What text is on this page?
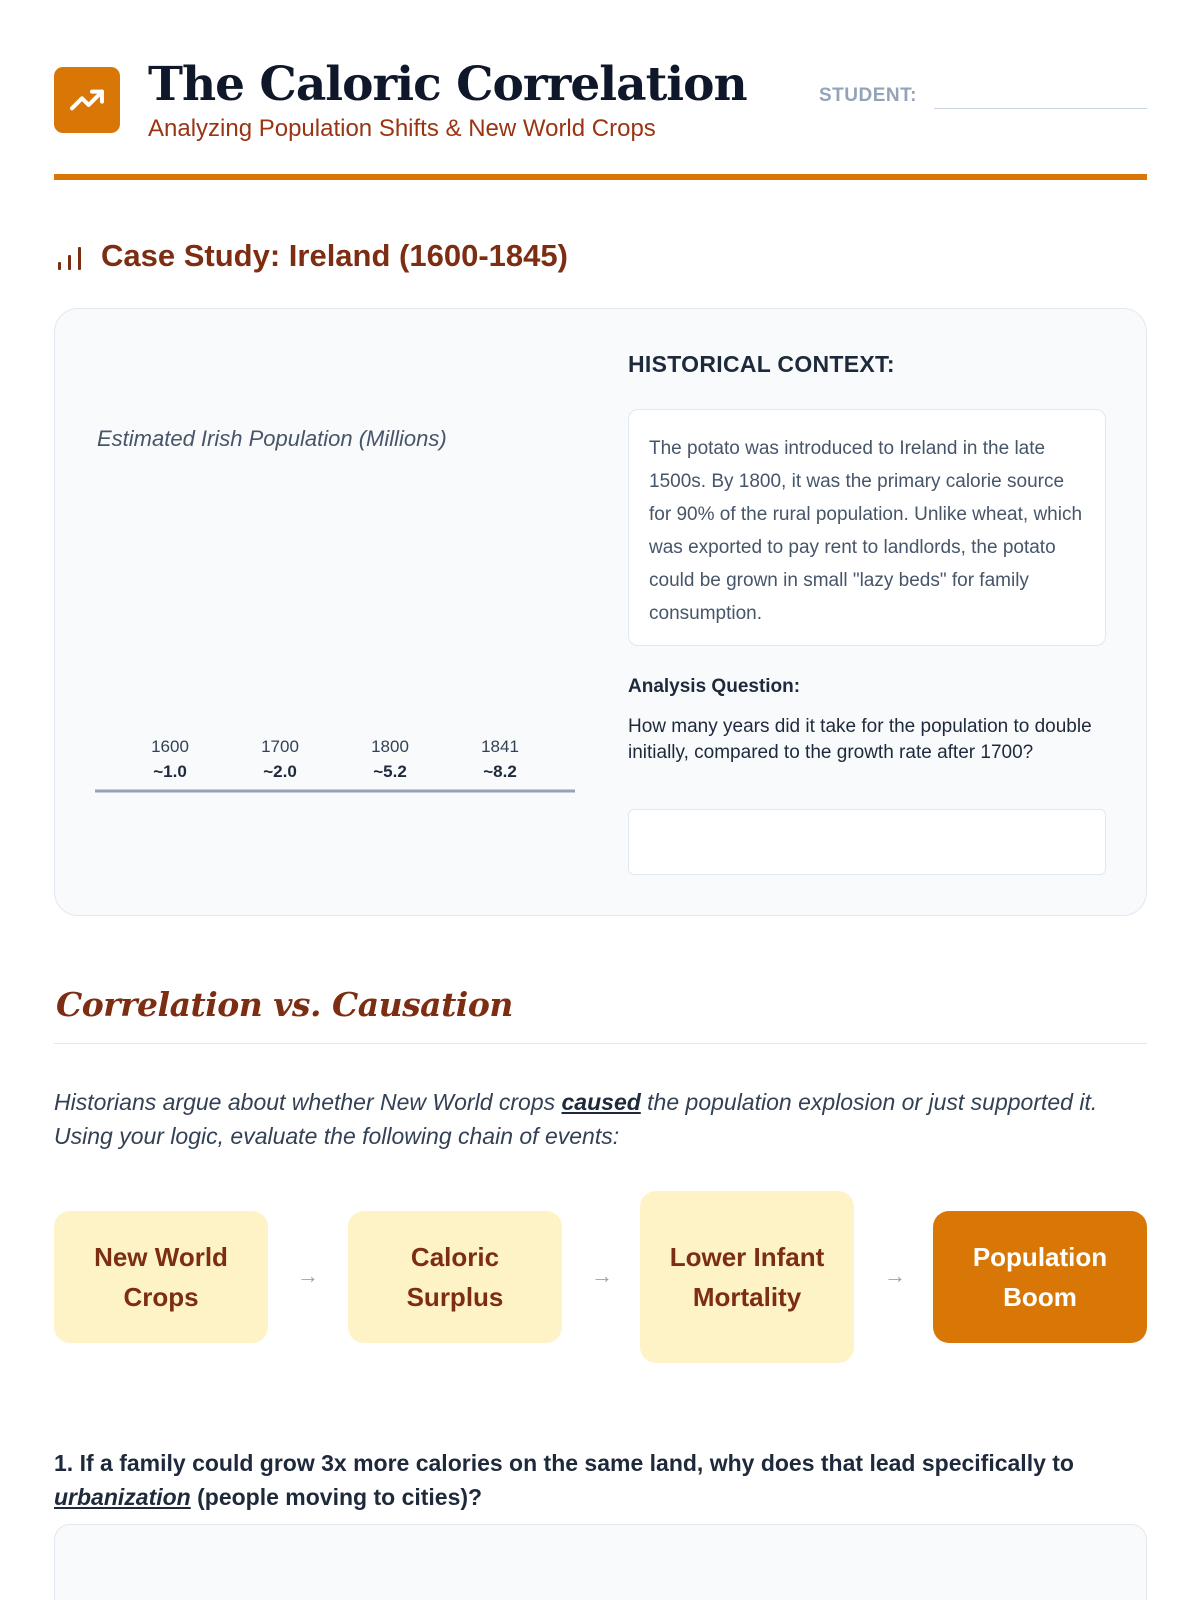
The Caloric Correlation
Analyzing Population Shifts & New World Crops
STUDENT:
Case Study: Ireland (1600-1845)
Estimated Irish Population (Millions)
1600
~1.0
1700
~2.0
1800
~5.2
1841
~8.2
HISTORICAL CONTEXT:
The potato was introduced to Ireland in the late 1500s. By 1800, it was the primary calorie source for 90% of the rural population. Unlike wheat, which was exported to pay rent to landlords, the potato could be grown in small "lazy beds" for family consumption.
Analysis Question:
How many years did it take for the population to double initially, compared to the growth rate after 1700?
Correlation vs. Causation
Historians argue about whether New World crops caused the population explosion or just supported it. Using your logic, evaluate the following chain of events:
New World Crops
→
Caloric Surplus
→
Lower Infant Mortality
→
Population Boom
1. If a family could grow 3x more calories on the same land, why does that lead specifically to urbanization (people moving to cities)?
